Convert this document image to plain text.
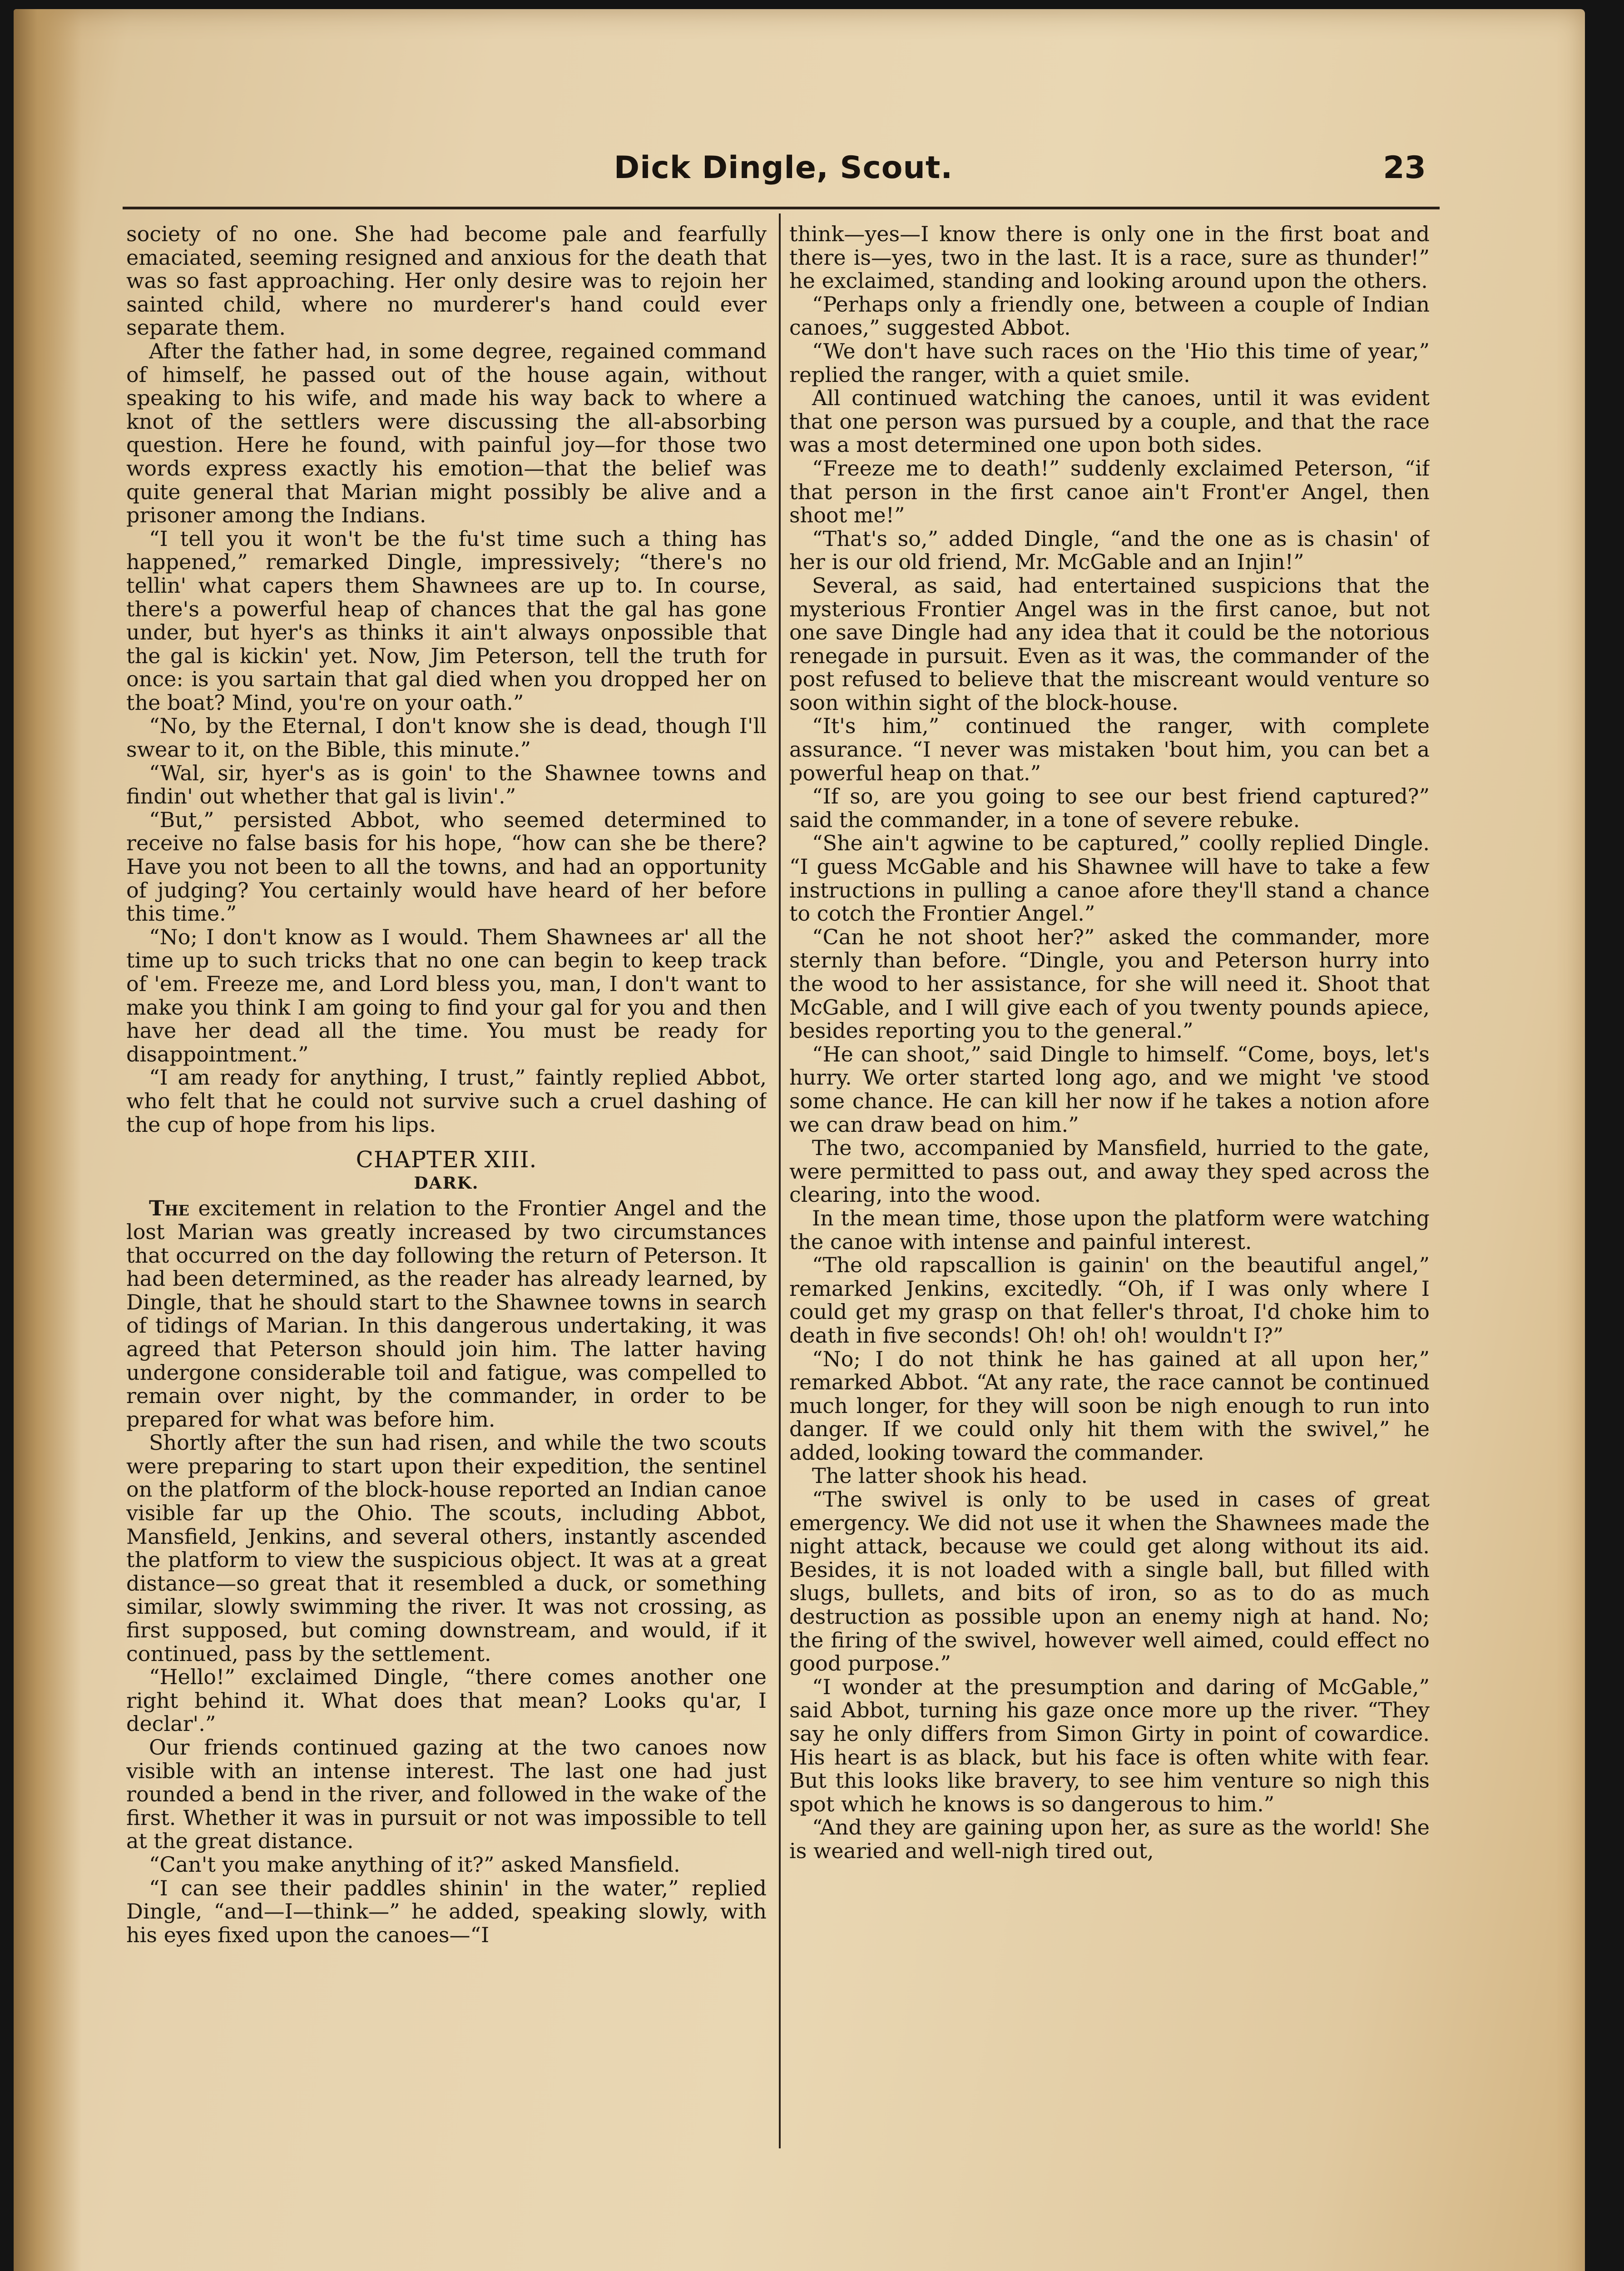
Dick Dingle, Scout.	23

society of no one. She had become pale and fearfully emaciated, seeming resigned and anxious for the death that was so fast approaching. Her only desire was to rejoin her sainted child, where no murderer's hand could ever separate them.

After the father had, in some degree, regained command of himself, he passed out of the house again, without speaking to his wife, and made his way back to where a knot of the settlers were discussing the all-absorbing question. Here he found, with painful joy—for those two words express exactly his emotion—that the belief was quite general that Marian might possibly be alive and a prisoner among the Indians.

“I tell you it won't be the fu'st time such a thing has happened,” remarked Dingle, impressively; “there's no tellin' what capers them Shawnees are up to. In course, there's a powerful heap of chances that the gal has gone under, but hyer's as thinks it ain't always onpossible that the gal is kickin' yet. Now, Jim Peterson, tell the truth for once: is you sartain that gal died when you dropped her on the boat? Mind, you're on your oath.”

“No, by the Eternal, I don't know she is dead, though I'll swear to it, on the Bible, this minute.”

“Wal, sir, hyer's as is goin' to the Shawnee towns and findin' out whether that gal is livin'.”

“But,” persisted Abbot, who seemed determined to receive no false basis for his hope, “how can she be there? Have you not been to all the towns, and had an opportunity of judging? You certainly would have heard of her before this time.”

“No; I don't know as I would. Them Shawnees ar' all the time up to such tricks that no one can begin to keep track of 'em. Freeze me, and Lord bless you, man, I don't want to make you think I am going to find your gal for you and then have her dead all the time. You must be ready for disappointment.”

“I am ready for anything, I trust,” faintly replied Abbot, who felt that he could not survive such a cruel dashing of the cup of hope from his lips.

CHAPTER XIII.
DARK.

The excitement in relation to the Frontier Angel and the lost Marian was greatly increased by two circumstances that occurred on the day following the return of Peterson. It had been determined, as the reader has already learned, by Dingle, that he should start to the Shawnee towns in search of tidings of Marian. In this dangerous undertaking, it was agreed that Peterson should join him. The latter having undergone considerable toil and fatigue, was compelled to remain over night, by the commander, in order to be prepared for what was before him.

Shortly after the sun had risen, and while the two scouts were preparing to start upon their expedition, the sentinel on the platform of the block-house reported an Indian canoe visible far up the Ohio. The scouts, including Abbot, Mansfield, Jenkins, and several others, instantly ascended the platform to view the suspicious object. It was at a great distance—so great that it resembled a duck, or something similar, slowly swimming the river. It was not crossing, as first supposed, but coming downstream, and would, if it continued, pass by the settlement.

“Hello!” exclaimed Dingle, “there comes another one right behind it. What does that mean? Looks qu'ar, I declar'.”

Our friends continued gazing at the two canoes now visible with an intense interest. The last one had just rounded a bend in the river, and followed in the wake of the first. Whether it was in pursuit or not was impossible to tell at the great distance.

“Can't you make anything of it?” asked Mansfield.

“I can see their paddles shinin' in the water,” replied Dingle, “and—I—think—” he added, speaking slowly, with his eyes fixed upon the canoes—“I

think—yes—I know there is only one in the first boat and there is—yes, two in the last. It is a race, sure as thunder!” he exclaimed, standing and looking around upon the others.

“Perhaps only a friendly one, between a couple of Indian canoes,” suggested Abbot.

“We don't have such races on the 'Hio this time of year,” replied the ranger, with a quiet smile.

All continued watching the canoes, until it was evident that one person was pursued by a couple, and that the race was a most determined one upon both sides.

“Freeze me to death!” suddenly exclaimed Peterson, “if that person in the first canoe ain't Front'er Angel, then shoot me!”

“That's so,” added Dingle, “and the one as is chasin' of her is our old friend, Mr. McGable and an Injin!”

Several, as said, had entertained suspicions that the mysterious Frontier Angel was in the first canoe, but not one save Dingle had any idea that it could be the notorious renegade in pursuit. Even as it was, the commander of the post refused to believe that the miscreant would venture so soon within sight of the block-house.

“It's him,” continued the ranger, with complete assurance. “I never was mistaken 'bout him, you can bet a powerful heap on that.”

“If so, are you going to see our best friend captured?” said the commander, in a tone of severe rebuke.

“She ain't agwine to be captured,” coolly replied Dingle. “I guess McGable and his Shawnee will have to take a few instructions in pulling a canoe afore they'll stand a chance to cotch the Frontier Angel.”

“Can he not shoot her?” asked the commander, more sternly than before. “Dingle, you and Peterson hurry into the wood to her assistance, for she will need it. Shoot that McGable, and I will give each of you twenty pounds apiece, besides reporting you to the general.”

“He can shoot,” said Dingle to himself. “Come, boys, let's hurry. We orter started long ago, and we might 've stood some chance. He can kill her now if he takes a notion afore we can draw bead on him.”

The two, accompanied by Mansfield, hurried to the gate, were permitted to pass out, and away they sped across the clearing, into the wood.

In the mean time, those upon the platform were watching the canoe with intense and painful interest.

“The old rapscallion is gainin' on the beautiful angel,” remarked Jenkins, excitedly. “Oh, if I was only where I could get my grasp on that feller's throat, I'd choke him to death in five seconds! Oh! oh! oh! wouldn't I?”

“No; I do not think he has gained at all upon her,” remarked Abbot. “At any rate, the race cannot be continued much longer, for they will soon be nigh enough to run into danger. If we could only hit them with the swivel,” he added, looking toward the commander.

The latter shook his head.

“The swivel is only to be used in cases of great emergency. We did not use it when the Shawnees made the night attack, because we could get along without its aid. Besides, it is not loaded with a single ball, but filled with slugs, bullets, and bits of iron, so as to do as much destruction as possible upon an enemy nigh at hand. No; the firing of the swivel, however well aimed, could effect no good purpose.”

“I wonder at the presumption and daring of McGable,” said Abbot, turning his gaze once more up the river. “They say he only differs from Simon Girty in point of cowardice. His heart is as black, but his face is often white with fear. But this looks like bravery, to see him venture so nigh this spot which he knows is so dangerous to him.”

“And they are gaining upon her, as sure as the world! She is wearied and well-nigh tired out,
